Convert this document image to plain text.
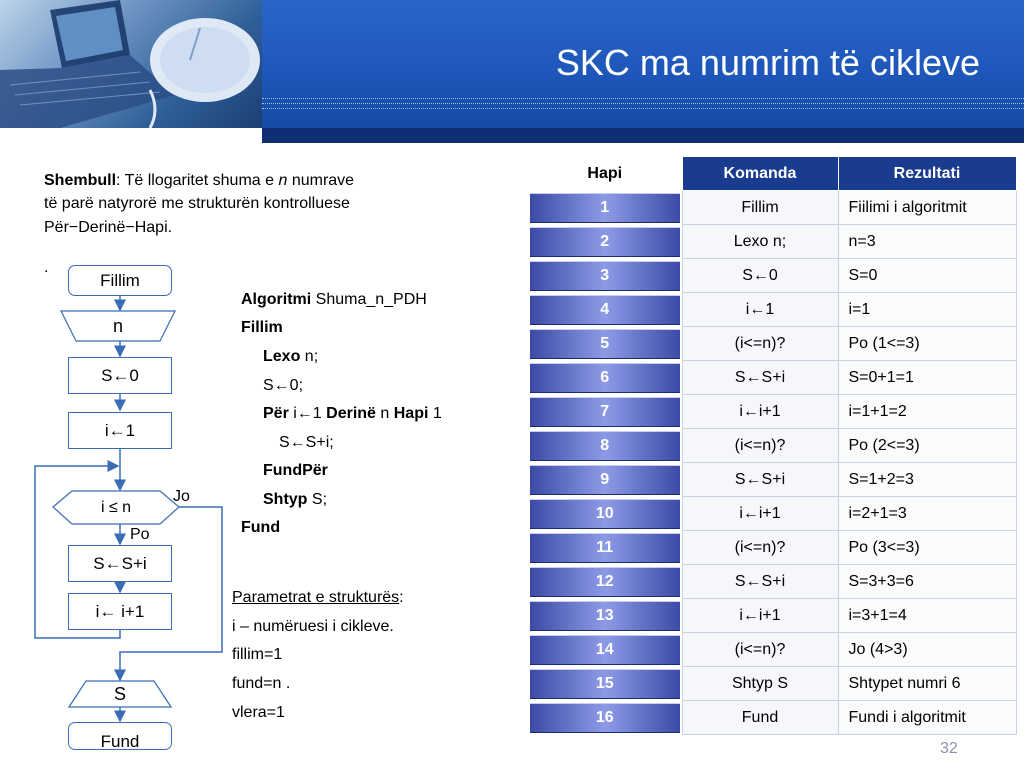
SKC ma numrim të cikleve
Shembull: Të llogaritet shuma e n numrave
të parë natyrorë me strukturën kontrolluese
Për−Derinë−Hapi.
.
Fillim
n
S←0
i←1
i ≤ n
Jo
Po
S←S+i
i← i+1
S
Fund
Algoritmi Shuma_n_PDH
Fillim
Lexo n;
S←0;
Për i←1 Derinë n Hapi 1
S←S+i;
FundPër
Shtyp S;
Fund
Parametrat e strukturës:
i – numëruesi i cikleve.
fillim=1
fund=n .
vlera=1
Hapi	Komanda	Rezultati

1	Fillim	Fiilimi i algoritmit

2	Lexo n;	n=3

3	S←0	S=0

4	i←1	i=1

5	(i<=n)?	Po (1<=3)

6	S←S+i	S=0+1=1

7	i←i+1	i=1+1=2

8	(i<=n)?	Po (2<=3)

9	S←S+i	S=1+2=3

10	i←i+1	i=2+1=3

11	(i<=n)?	Po (3<=3)

12	S←S+i	S=3+3=6

13	i←i+1	i=3+1=4

14	(i<=n)?	Jo (4>3)

15	Shtyp S	Shtypet numri 6

16	Fund	Fundi i algoritmit
32
